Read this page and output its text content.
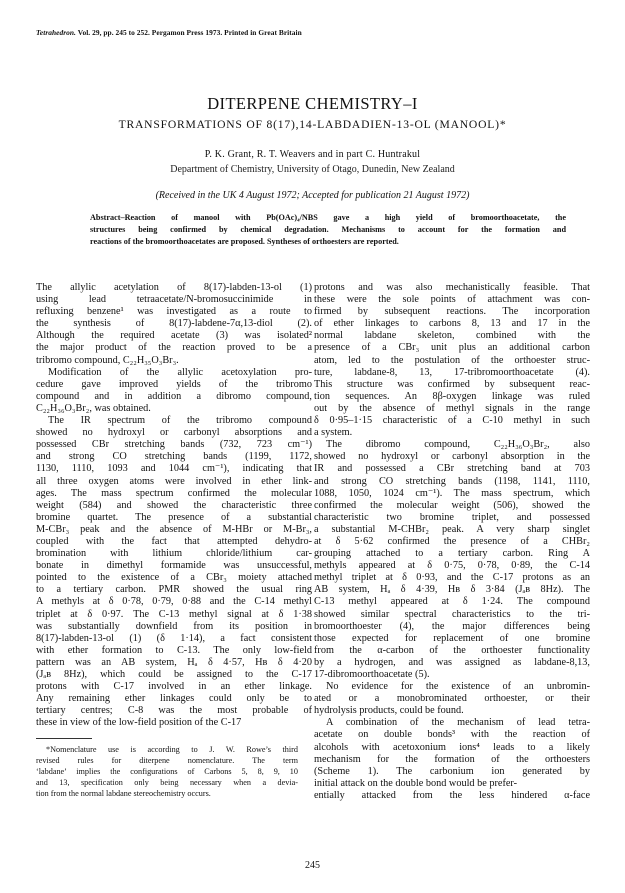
Tetrahedron. Vol. 29, pp. 245 to 252. Pergamon Press 1973. Printed in Great Britain
DITERPENE CHEMISTRY–I
TRANSFORMATIONS OF 8(17),14-LABDADIEN-13-OL (MANOOL)*
P. K. Grant, R. T. Weavers and in part C. Huntrakul
Department of Chemistry, University of Otago, Dunedin, New Zealand
(Received in the UK 4 August 1972; Accepted for publication 21 August 1972)
Abstract–Reaction of manool with Pb(OAc)₄/NBS gave a high yield of bromoorthoacetate, the
structures being confirmed by chemical degradation. Mechanisms to account for the formation and
reactions of the bromoorthoacetates are proposed. Syntheses of orthoesters are reported.
The allylic acetylation of 8(17)-labden-13-ol (1)
using lead tetraacetate/N-bromosuccinimide in
refluxing benzene¹ was investigated as a route to
the synthesis of 8(17)-labdene-7α,13-diol (2).
Although the required acetate (3) was isolated²
the major product of the reaction proved to be a
tribromo compound, C₂₂H₃₅O₃Br₃.
Modification of the allylic acetoxylation pro-
cedure gave improved yields of the tribromo
compound and in addition a dibromo compound,
C₂₂H₃₆O₃Br₂, was obtained.
The IR spectrum of the tribromo compound
showed no hydroxyl or carbonyl absorptions and
possessed CBr stretching bands (732, 723 cm⁻¹)
and strong CO stretching bands (1199, 1172,
1130, 1110, 1093 and 1044 cm⁻¹), indicating that
all three oxygen atoms were involved in ether link-
ages. The mass spectrum confirmed the molecular
weight (584) and showed the characteristic three
bromine quartet. The presence of a substantial
M-CBr₃ peak and the absence of M-HBr or M-Br₃,
coupled with the fact that attempted dehydro-
bromination with lithium chloride/lithium car-
bonate in dimethyl formamide was unsuccessful,
pointed to the existence of a CBr₃ moiety attached
to a tertiary carbon. PMR showed the usual ring
A methyls at δ 0·78, 0·79, 0·88 and the C-14 methyl
triplet at δ 0·97. The C-13 methyl signal at δ 1·38
was substantially downfield from its position in
8(17)-labden-13-ol (1) (δ 1·14), a fact consistent
with ether formation to C-13. The only low-field
pattern was an AB system, Hₐ δ 4·57, Hʙ δ 4·20
(Jₐʙ 8Hz), which could be assigned to the C-17
protons with C-17 involved in an ether linkage.
Any remaining ether linkages could only be to
tertiary centres; C-8 was the most probable of
these in view of the low-field position of the C-17
protons and was also mechanistically feasible. That
these were the sole points of attachment was con-
firmed by subsequent reactions. The incorporation
of ether linkages to carbons 8, 13 and 17 in the
normal labdane skeleton, combined with the
presence of a CBr₃ unit plus an additional carbon
atom, led to the postulation of the orthoester struc-
ture, labdane-8, 13, 17-tribromoorthoacetate (4).
This structure was confirmed by subsequent reac-
tion sequences. An 8β-oxygen linkage was ruled
out by the absence of methyl signals in the range
δ 0·95–1·15 characteristic of a C-10 methyl in such
a system.
The dibromo compound, C₂₂H₃₆O₃Br₂, also
showed no hydroxyl or carbonyl absorption in the
IR and possessed a CBr stretching band at 703
and strong CO stretching bands (1198, 1141, 1110,
1088, 1050, 1024 cm⁻¹). The mass spectrum, which
confirmed the molecular weight (506), showed the
characteristic two bromine triplet, and possessed
a substantial M-CHBr₂ peak. A very sharp singlet
at δ 5·62 confirmed the presence of a CHBr₂
grouping attached to a tertiary carbon. Ring A
methyls appeared at δ 0·75, 0·78, 0·89, the C-14
methyl triplet at δ 0·93, and the C-17 protons as an
AB system, Hₐ δ 4·39, Hʙ δ 3·84 (Jₐʙ 8Hz). The
C-13 methyl appeared at δ 1·24. The compound
showed similar spectral characteristics to the tri-
bromoorthoester (4), the major differences being
those expected for replacement of one bromine
from the α-carbon of the orthoester functionality
by a hydrogen, and was assigned as labdane-8,13,
17-dibromoorthoacetate (5).
No evidence for the existence of an unbromin-
ated or a monobrominated orthoester, or their
hydrolysis products, could be found.
A combination of the mechanism of lead tetra-
acetate on double bonds³ with the reaction of
alcohols with acetoxonium ions⁴ leads to a likely
mechanism for the formation of the orthoesters
(Scheme 1). The carbonium ion generated by
initial attack on the double bond would be prefer-
entially attacked from the less hindered α-face
*Nomenclature use is according to J. W. Rowe’s third
revised rules for diterpene nomenclature. The term
‘labdane’ implies the configurations of Carbons 5, 8, 9, 10
and 13, specification only being necessary when a devia-
tion from the normal labdane stereochemistry occurs.
245
